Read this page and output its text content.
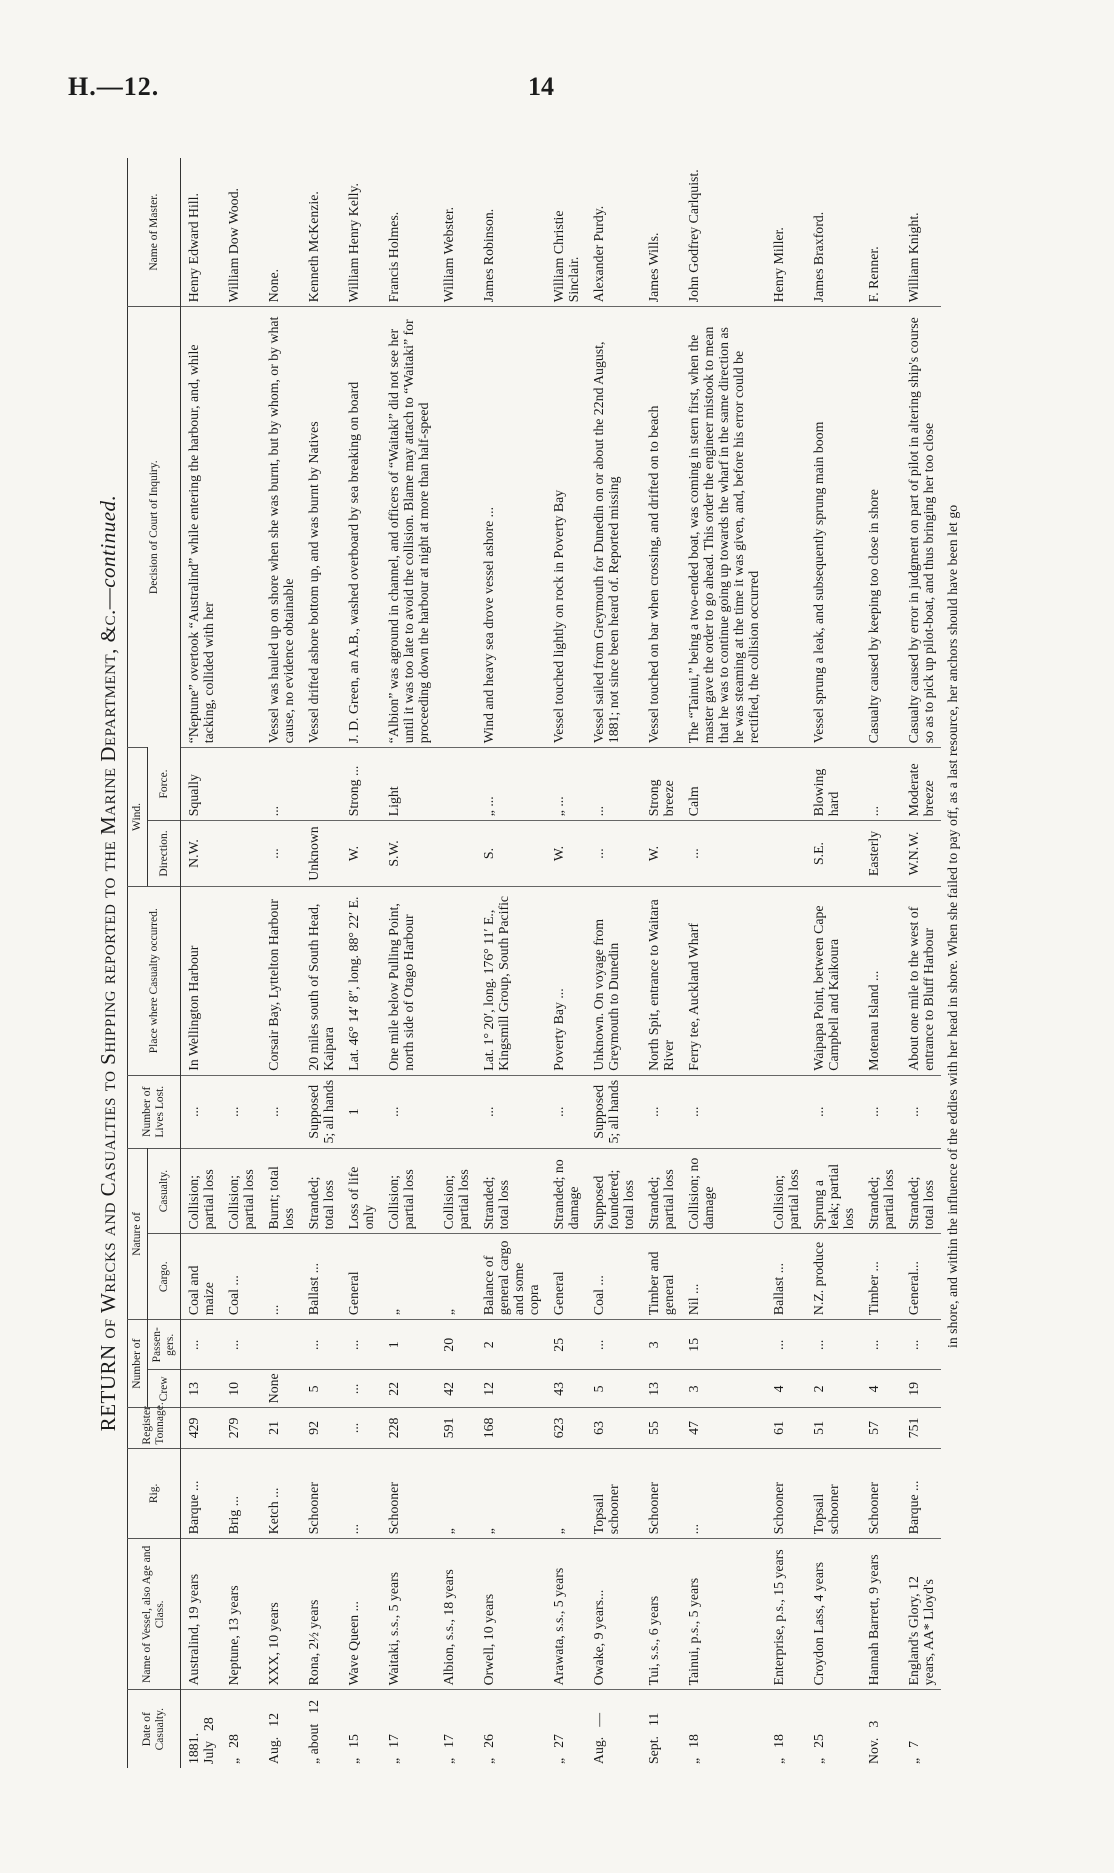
H.—12.	14
RETURN of Wrecks and Casualties to Shipping reported to the Marine Department, &c.—continued.
Date of Casualty.	Name of Vessel, also Age and Class.	Rig.	Register Tonnage.	Number of		Nature of		Number of Lives Lost.	Place where Casualty occurred.	Wind.		Decision of Court of Inquiry.	Name of Master.
				Crew	Passen-gers.	Cargo.	Casualty.			Direction.	Force.		

1881. July28	Australind, 19 years	Barque ...	429	13	...	Coal and maize	Collision; partial loss	...	In Wellington Harbour	N.W.	Squally	“Neptune” overtook “Australind” while entering the harbour, and, while tacking, collided with her	Henry Edward Hill.
„28	Neptune, 13 years	Brig ...	279	10	...	Coal ...	Collision; partial loss	...					William Dow Wood.
Aug.12	XXX, 10 years	Ketch ...	21	None		...	Burnt; total loss	...	Corsair Bay, Lyttelton Harbour	...	...	Vessel was hauled up on shore when she was burnt, but by whom, or by what cause, no evidence obtainable	None.
„ about12	Rona, 2½ years	Schooner	92	5	...	Ballast ...	Stranded; total loss	Supposed 5; all hands	20 miles south of South Head, Kaipara	Unknown		Vessel drifted ashore bottom up, and was burnt by Natives	Kenneth McKenzie.
„15	Wave Queen ...	...	...	...	...	General	Loss of life only	1	Lat. 46° 14′ 8″, long. 88° 22′ E.	W.	Strong ...	J. D. Green, an A.B., washed overboard by sea breaking on board	William Henry Kelly.
„17	Waitaki, s.s., 5 years	Schooner	228	22	1	„	Collision; partial loss	...	One mile below Pulling Point, north side of Otago Harbour	S.W.	Light	“Albion” was aground in channel, and officers of “Waitaki” did not see her until it was too late to avoid the collision. Blame may attach to “Waitaki” for proceeding down the harbour at night at more than half-speed	Francis Holmes.
„17	Albion, s.s., 18 years	„	591	42	20	„	Collision; partial loss						William Webster.
„26	Orwell, 10 years	„	168	12	2	Balance of general cargo and some copra	Stranded; total loss	...	Lat. 1° 20′, long. 176° 11′ E., Kingsmill Group, South Pacific	S.	„ ...	Wind and heavy sea drove vessel ashore ...	James Robinson.
„27	Arawata, s.s., 5 years	„	623	43	25	General	Stranded; no damage	...	Poverty Bay ...	W.	„ ...	Vessel touched lightly on rock in Poverty Bay	William Christie Sinclair.
Aug.—	Owake, 9 years...	Topsail schooner	63	5	...	Coal ...	Supposed foundered; total loss	Supposed 5; all hands	Unknown. On voyage from Greymouth to Dunedin	...	...	Vessel sailed from Greymouth for Dunedin on or about the 22nd August, 1881; not since been heard of. Reported missing	Alexander Purdy.
Sept.11	Tui, s.s., 6 years	Schooner	55	13	3	Timber and general	Stranded; partial loss	...	North Spit, entrance to Waitara River	W.	Strong breeze	Vessel touched on bar when crossing, and drifted on to beach	James Wills.
„18	Tainui, p.s., 5 years	...	47	3	15	Nil ...	Collision; no damage	...	Ferry tee, Auckland Wharf	...	Calm	The “Tainui,” being a two-ended boat, was coming in stern first, when the master gave the order to go ahead. This order the engineer mistook to mean that he was to continue going up towards the wharf in the same direction as he was steaming at the time it was given, and, before his error could be rectified, the collision occurred	John Godfrey Carlquist.
„18	Enterprise, p.s., 15 years	Schooner	61	4	...	Ballast ...	Collision; partial loss						Henry Miller.
„25	Croydon Lass, 4 years	Topsail schooner	51	2	...	N.Z. produce	Sprung a leak; partial loss	...	Waipapa Point, between Cape Campbell and Kaikoura	S.E.	Blowing hard	Vessel sprung a leak, and subsequently sprung main boom	James Braxford.
Nov.3	Hannah Barrett, 9 years	Schooner	57	4	...	Timber ...	Stranded; partial loss	...	Motenau Island ...	Easterly	...	Casualty caused by keeping too close in shore	F. Renner.
„7	England's Glory, 12 years, AA* Lloyd's	Barque ...	751	19	...	General...	Stranded; total loss	...	About one mile to the west of entrance to Bluff Harbour	W.N.W.	Moderate breeze	Casualty caused by error in judgment on part of pilot in altering ship's course so as to pick up pilot-boat, and thus bringing her too close	William Knight.
in shore, and within the influence of the eddies with her head in shore. When she failed to pay off, as a last resource, her anchors should have been let go													
